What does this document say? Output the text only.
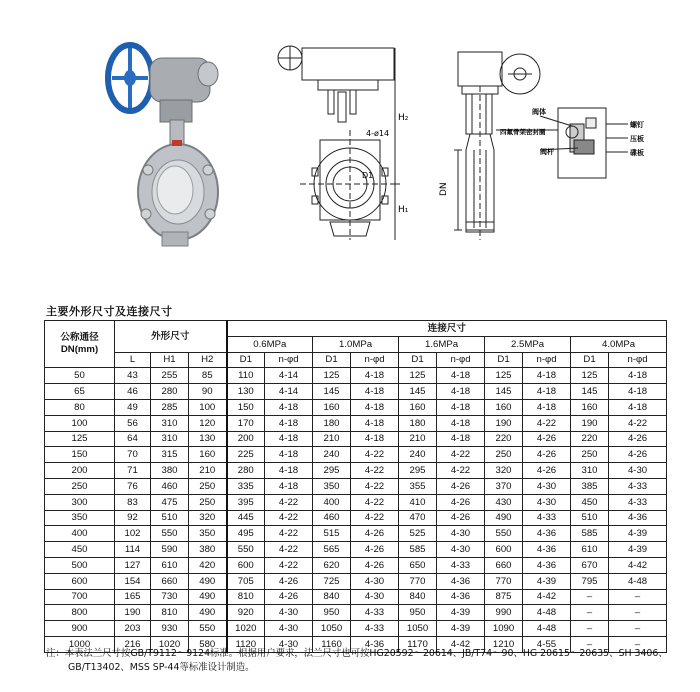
D1
4-ø14
H₂
H₁
DN
阀体
四氟骨架密封圈
阀杆
螺钉
压板
碟板
主要外形尺寸及连接尺寸
公称通径 DN(mm)	外形尺寸			连接尺寸									
				0.6MPa		1.0MPa		1.6MPa		2.5MPa		4.0MPa	
	L	H1	H2	D1	n-φd	D1	n-φd	D1	n-φd	D1	n-φd	D1	n-φd
50	43	255	85	110	4-14	125	4-18	125	4-18	125	4-18	125	4-18
65	46	280	90	130	4-14	145	4-18	145	4-18	145	4-18	145	4-18
80	49	285	100	150	4-18	160	4-18	160	4-18	160	4-18	160	4-18
100	56	310	120	170	4-18	180	4-18	180	4-18	190	4-22	190	4-22
125	64	310	130	200	4-18	210	4-18	210	4-18	220	4-26	220	4-26
150	70	315	160	225	4-18	240	4-22	240	4-22	250	4-26	250	4-26
200	71	380	210	280	4-18	295	4-22	295	4-22	320	4-26	310	4-30
250	76	460	250	335	4-18	350	4-22	355	4-26	370	4-30	385	4-33
300	83	475	250	395	4-22	400	4-22	410	4-26	430	4-30	450	4-33
350	92	510	320	445	4-22	460	4-22	470	4-26	490	4-33	510	4-36
400	102	550	350	495	4-22	515	4-26	525	4-30	550	4-36	585	4-39
450	114	590	380	550	4-22	565	4-26	585	4-30	600	4-36	610	4-39
500	127	610	420	600	4-22	620	4-26	650	4-33	660	4-36	670	4-42
600	154	660	490	705	4-26	725	4-30	770	4-36	770	4-39	795	4-48
700	165	730	490	810	4-26	840	4-30	840	4-36	875	4-42	–	–
800	190	810	490	920	4-30	950	4-33	950	4-39	990	4-48	–	–
900	203	930	550	1020	4-30	1050	4-33	1050	4-39	1090	4-48	–	–
1000	216	1020	580	1120	4-30	1160	4-36	1170	4-42	1210	4-55	–	–
注：本表法兰尺寸按GB/T9112～9124标准。根据用户要求，法兰尺寸也可按HG20592～20614、JB/T74～90、HG 20615～20635、SH 3406、
GB/T13402、MSS SP-44等标准设计制造。
